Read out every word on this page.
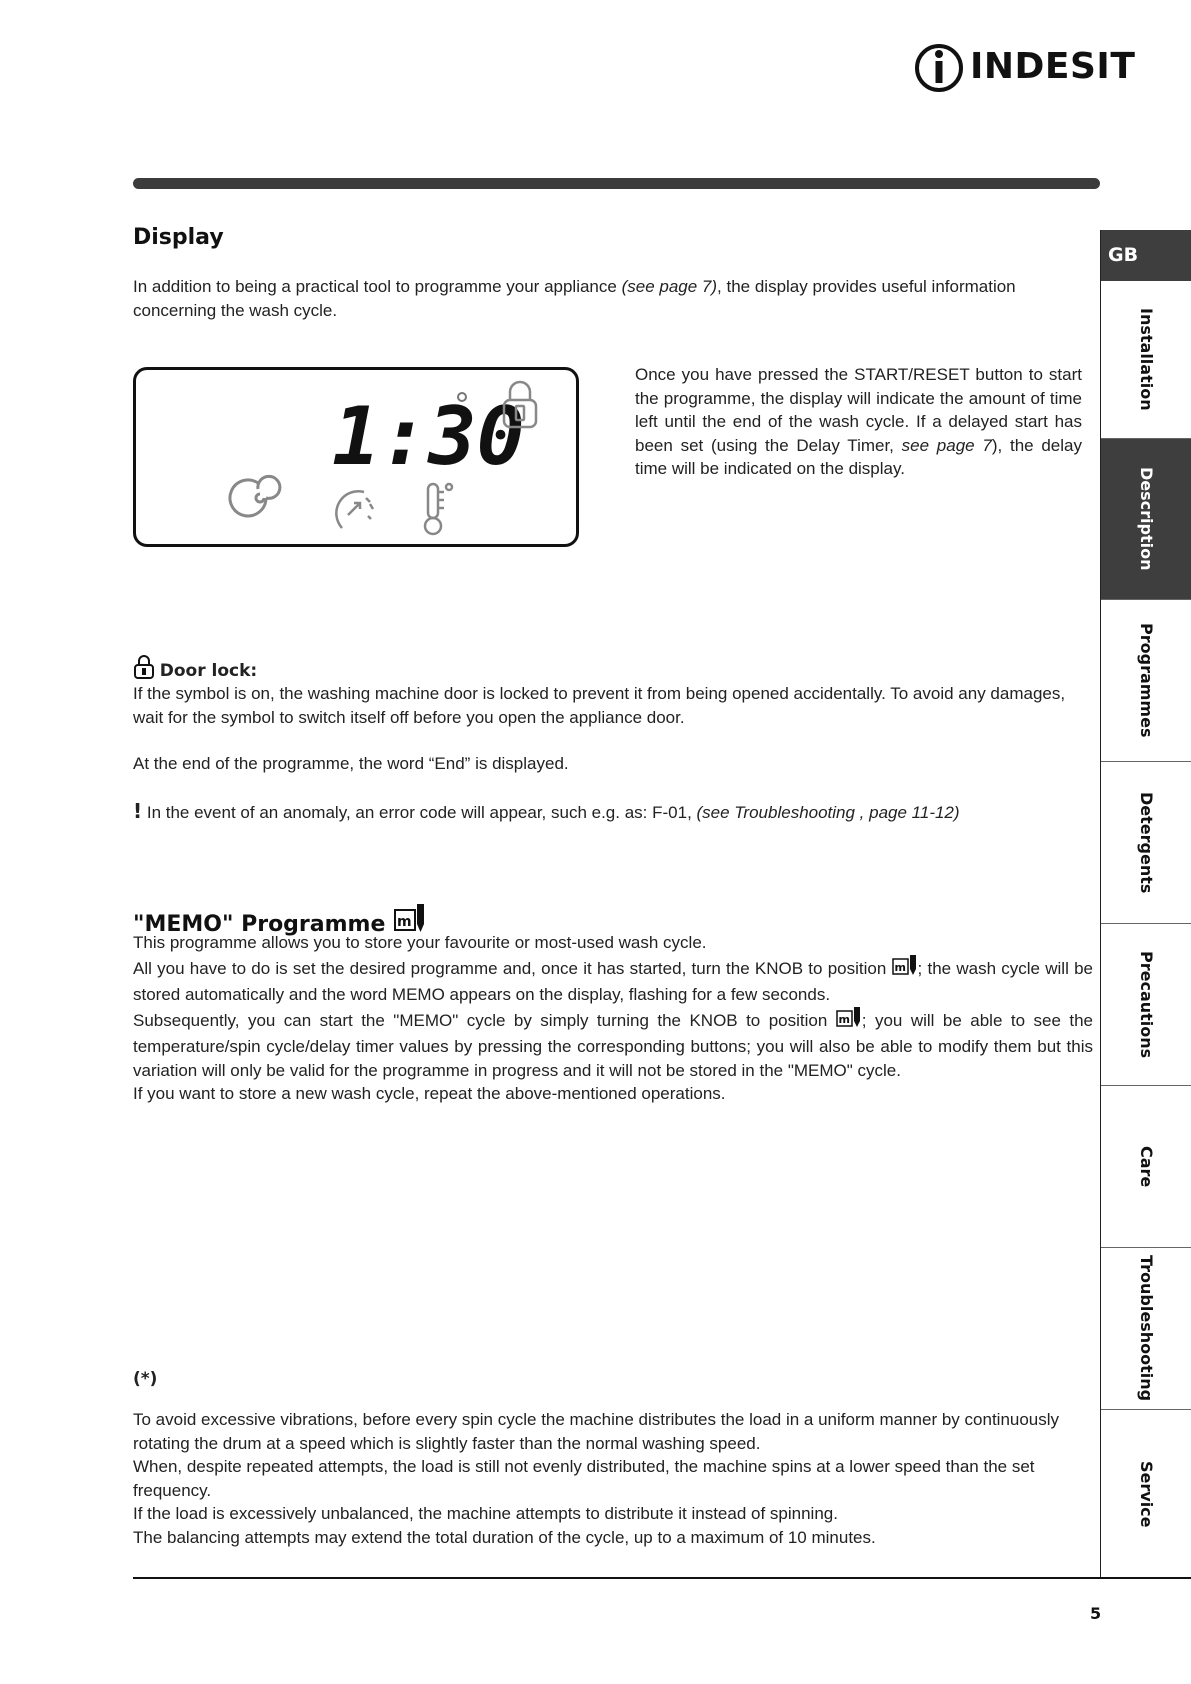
INDESIT
Display
In addition to being a practical tool to programme your appliance (see page 7), the display provides useful information concerning the wash cycle.
1:30
Once you have pressed the START/RESET button to start the programme, the display will indicate the amount of time left until the end of the wash cycle. If a delayed start has been set (using the Delay Timer, see page 7), the delay time will be indicated on the display.
Door lock:
If the symbol is on, the washing machine door is locked to prevent it from being opened accidentally. To avoid any damages, wait for the symbol to switch itself off before you open the appliance door.
At the end of the programme, the word “End” is displayed.
! In the event of an anomaly, an error code will appear, such e.g. as: F-01, (see Troubleshooting , page 11-12)
"MEMO" Programme m
This programme allows you to store your favourite or most-used wash cycle.
All you have to do is set the desired programme and, once it has started, turn the KNOB to position m ; the wash cycle will be stored automatically and the word MEMO appears on the display, flashing for a few seconds.
Subsequently, you can start the "MEMO" cycle by simply turning the KNOB to position m ; you will be able to see the temperature/spin cycle/delay timer values by pressing the corresponding buttons; you will also be able to modify them but this variation will only be valid for the programme in progress and it will not be stored in the "MEMO" cycle.
If you want to store a new wash cycle, repeat the above-mentioned operations.
(*)
To avoid excessive vibrations, before every spin cycle the machine distributes the load in a uniform manner by continuously rotating the drum at a speed which is slightly faster than the normal washing speed.
When, despite repeated attempts, the load is still not evenly distributed, the machine spins at a lower speed than the set frequency.
If the load is excessively unbalanced, the machine attempts to distribute it instead of spinning.
The balancing attempts may extend the total duration of the cycle, up to a maximum of 10 minutes.
GB
Installation
Description
Programmes
Detergents
Precautions
Care
Troubleshooting
Service
5
